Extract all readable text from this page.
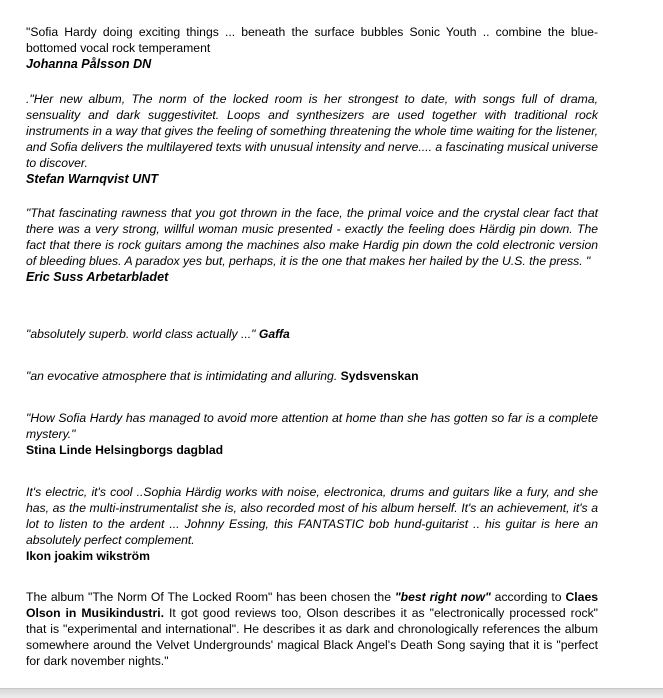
"Sofia Hardy doing exciting things ... beneath the surface bubbles Sonic Youth .. combine the blue-bottomed vocal rock temperament

Johanna Pålsson DN

."Her new album, The norm of the locked room is her strongest to date, with songs full of drama, sensuality and dark suggestivitet. Loops and synthesizers are used together with traditional rock instruments in a way that gives the feeling of something threatening the whole time waiting for the listener, and Sofia delivers the multilayered texts with unusual intensity and nerve.... a fascinating musical universe to discover.

Stefan Warnqvist UNT

"That fascinating rawness that you got thrown in the face, the primal voice and the crystal clear fact that there was a very strong, willful woman music presented - exactly the feeling does Härdig pin down. The fact that there is rock guitars among the machines also make Hardig pin down the cold electronic version of bleeding blues. A paradox yes but, perhaps, it is the one that makes her hailed by the U.S. the press. "

Eric Suss Arbetarbladet

"absolutely superb. world class actually ..." Gaffa

"an evocative atmosphere that is intimidating and alluring. Sydsvenskan

"How Sofia Hardy has managed to avoid more attention at home than she has gotten so far is a complete mystery."

Stina Linde Helsingborgs dagblad

It's electric, it's cool ..Sophia Härdig works with noise, electronica, drums and guitars like a fury, and she has, as the multi-instrumentalist she is, also recorded most of his album herself. It's an achievement, it's a lot to listen to the ardent ... Johnny Essing, this FANTASTIC bob hund-guitarist .. his guitar is here an absolutely perfect complement.

Ikon joakim wikström

The album "The Norm Of The Locked Room" has been chosen the "best right now" according to Claes Olson in Musikindustri. It got good reviews too, Olson describes it as "electronically processed rock" that is "experimental and international". He describes it as dark and chronologically references the album somewhere around the Velvet Undergrounds' magical Black Angel's Death Song saying that it is "perfect for dark november nights."
